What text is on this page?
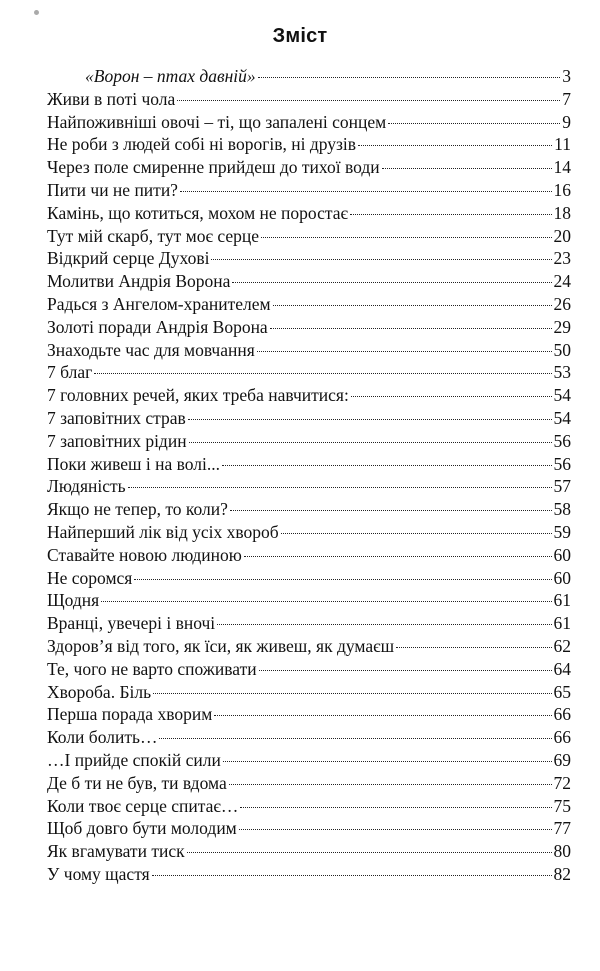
Зміст
«Ворон – птах давній»	3
Живи в поті чола	7
Найпоживніші овочі – ті, що запалені сонцем	9
Не роби з людей собі ні ворогів, ні друзів	11
Через поле смиренне прийдеш до тихої води	14
Пити чи не пити?	16
Камінь, що котиться, мохом не поростає	18
Тут мій скарб, тут моє серце	20
Відкрий серце Духові	23
Молитви Андрія Ворона	24
Радься з Ангелом-хранителем	26
Золоті поради Андрія Ворона	29
Знаходьте час для мовчання	50
7 благ	53
7 головних речей, яких треба навчитися:	54
7 заповітних страв	54
7 заповітних рідин	56
Поки живеш і на волі...	56
Людяність	57
Якщо не тепер, то коли?	58
Найперший лік від усіх хвороб	59
Ставайте новою людиною	60
Не соромся	60
Щодня	61
Вранці, увечері і вночі	61
Здоров’я від того, як їси, як живеш, як думаєш	62
Те, чого не варто споживати	64
Хвороба. Біль	65
Перша порада хворим	66
Коли болить…	66
…І прийде спокій сили	69
Де б ти не був, ти вдома	72
Коли твоє серце спитає…	75
Щоб довго бути молодим	77
Як вгамувати тиск	80
У чому щастя	82
